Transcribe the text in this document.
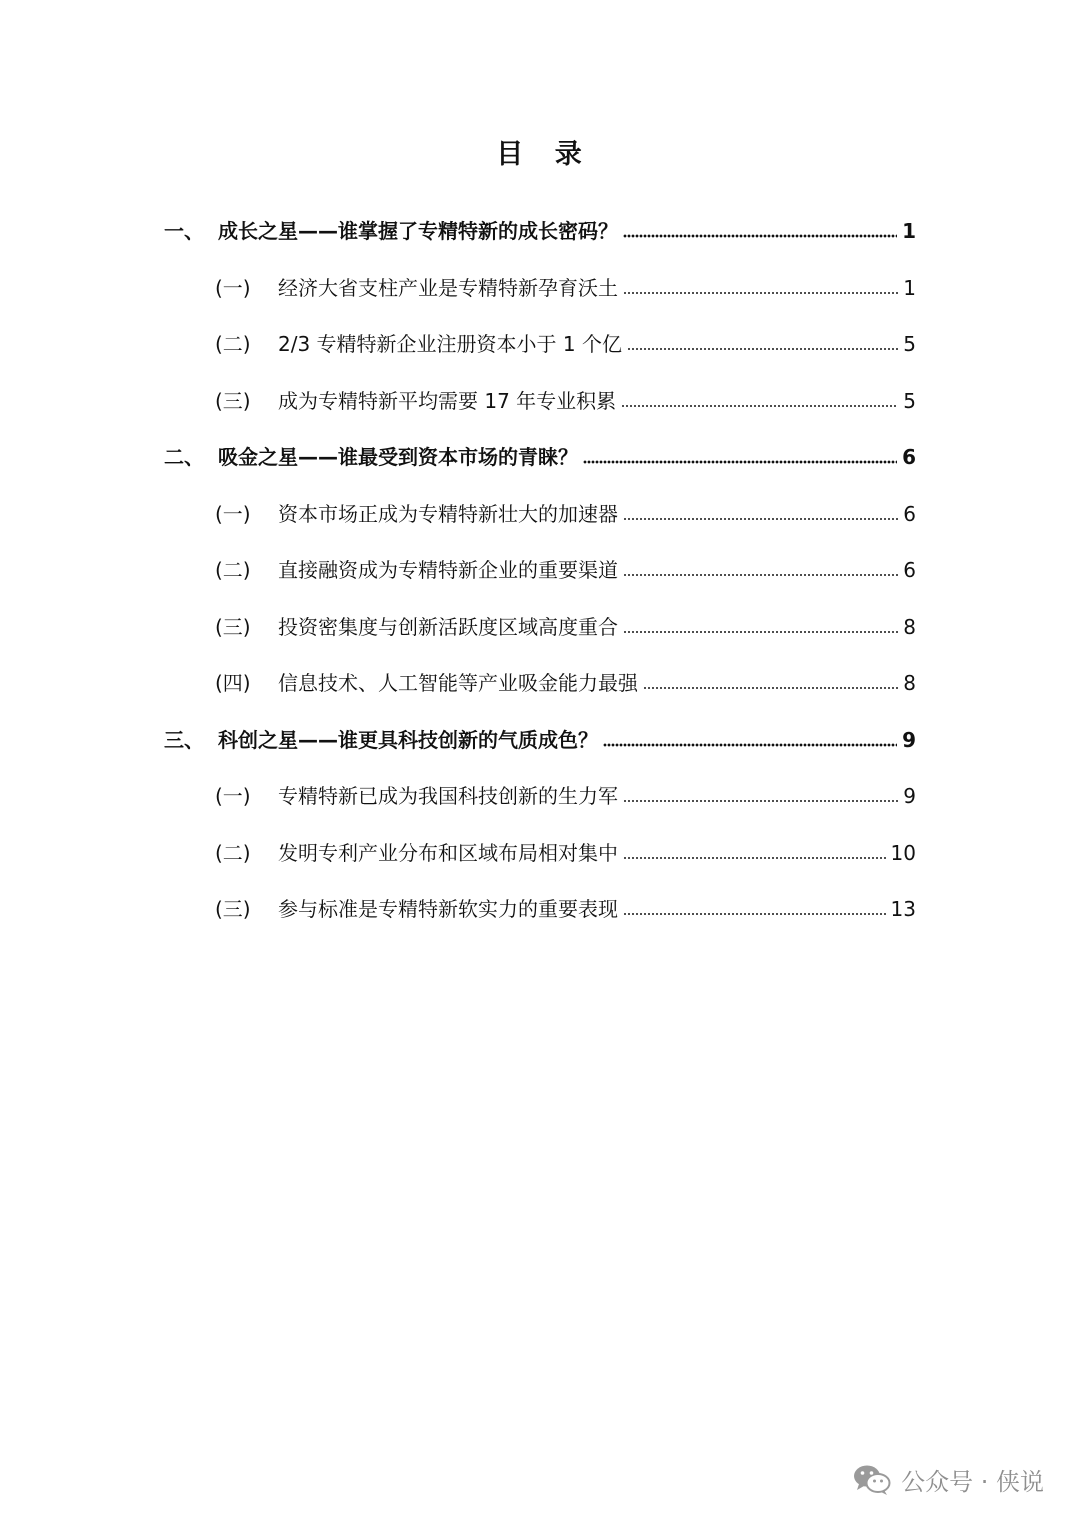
目 录
一、 成长之星——谁掌握了专精特新的成长密码？	1
(一)	经济大省支柱产业是专精特新孕育沃土	1
(二)	2/3 专精特新企业注册资本小于 1 个亿	5
(三)	成为专精特新平均需要 17 年专业积累	5
二、 吸金之星——谁最受到资本市场的青睐？	6
(一)	资本市场正成为专精特新壮大的加速器	6
(二)	直接融资成为专精特新企业的重要渠道	6
(三)	投资密集度与创新活跃度区域高度重合	8
(四)	信息技术、人工智能等产业吸金能力最强	8
三、 科创之星——谁更具科技创新的气质成色？	9
(一)	专精特新已成为我国科技创新的生力军	9
(二)	发明专利产业分布和区域布局相对集中	10
(三)	参与标准是专精特新软实力的重要表现	13
公众号 · 侠说
